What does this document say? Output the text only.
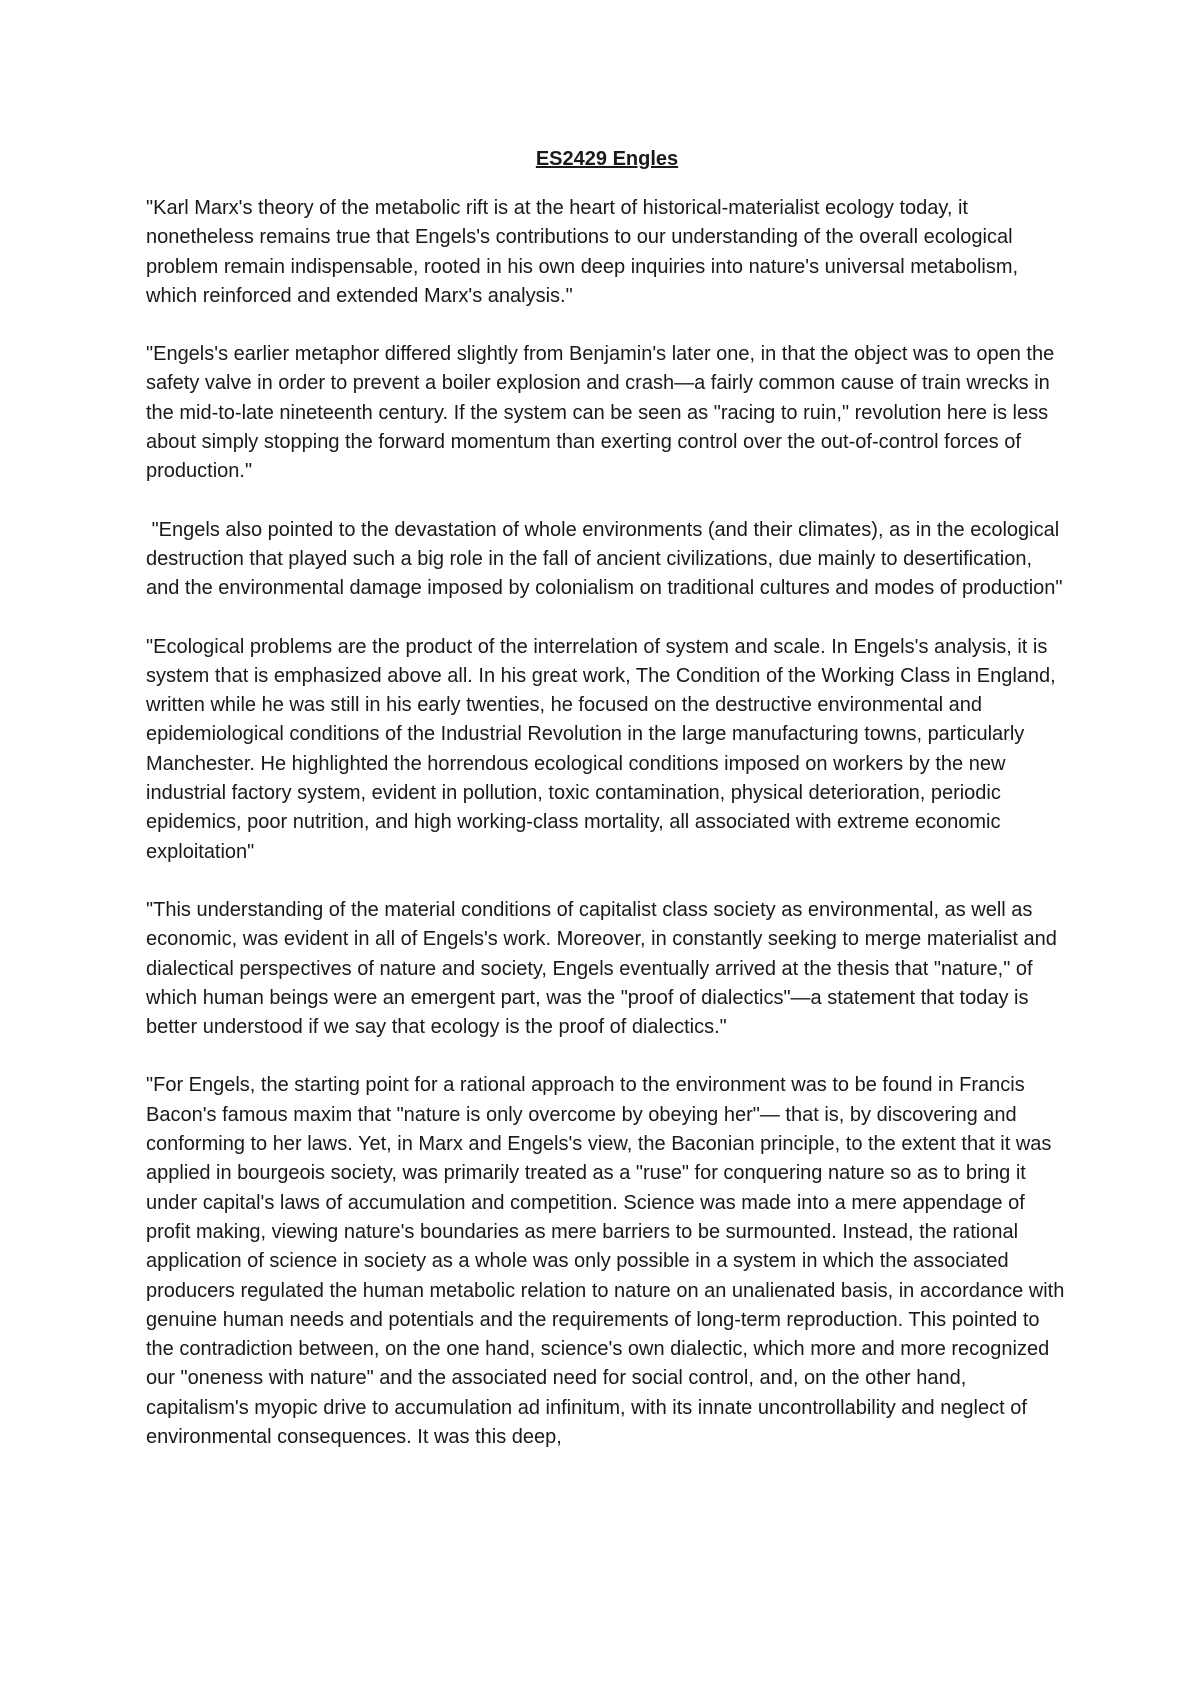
ES2429 Engles

"Karl Marx's theory of the metabolic rift is at the heart of historical-materialist ecology today, it nonetheless remains true that Engels's contributions to our understanding of the overall ecological problem remain indispensable, rooted in his own deep inquiries into nature's universal metabolism, which reinforced and extended Marx's analysis."

"Engels's earlier metaphor differed slightly from Benjamin's later one, in that the object was to open the safety valve in order to prevent a boiler explosion and crash—a fairly common cause of train wrecks in the mid-to-late nineteenth century. If the system can be seen as "racing to ruin," revolution here is less about simply stopping the forward momentum than exerting control over the out-of-control forces of production."

"Engels also pointed to the devastation of whole environments (and their climates), as in the ecological destruction that played such a big role in the fall of ancient civilizations, due mainly to desertification, and the environmental damage imposed by colonialism on traditional cultures and modes of production"

"Ecological problems are the product of the interrelation of system and scale. In Engels's analysis, it is system that is emphasized above all. In his great work, The Condition of the Working Class in England, written while he was still in his early twenties, he focused on the destructive environmental and epidemiological conditions of the Industrial Revolution in the large manufacturing towns, particularly Manchester. He highlighted the horrendous ecological conditions imposed on workers by the new industrial factory system, evident in pollution, toxic contamination, physical deterioration, periodic epidemics, poor nutrition, and high working-class mortality, all associated with extreme economic exploitation"

"This understanding of the material conditions of capitalist class society as environmental, as well as economic, was evident in all of Engels's work. Moreover, in constantly seeking to merge materialist and dialectical perspectives of nature and society, Engels eventually arrived at the thesis that "nature," of which human beings were an emergent part, was the "proof of dialectics"—a statement that today is better understood if we say that ecology is the proof of dialectics."

"For Engels, the starting point for a rational approach to the environment was to be found in Francis Bacon's famous maxim that "nature is only overcome by obeying her"— that is, by discovering and conforming to her laws. Yet, in Marx and Engels's view, the Baconian principle, to the extent that it was applied in bourgeois society, was primarily treated as a "ruse" for conquering nature so as to bring it under capital's laws of accumulation and competition. Science was made into a mere appendage of profit making, viewing nature's boundaries as mere barriers to be surmounted. Instead, the rational application of science in society as a whole was only possible in a system in which the associated producers regulated the human metabolic relation to nature on an unalienated basis, in accordance with genuine human needs and potentials and the requirements of long-term reproduction. This pointed to the contradiction between, on the one hand, science's own dialectic, which more and more recognized our "oneness with nature" and the associated need for social control, and, on the other hand, capitalism's myopic drive to accumulation ad infinitum, with its innate uncontrollability and neglect of environmental consequences. It was this deep,
